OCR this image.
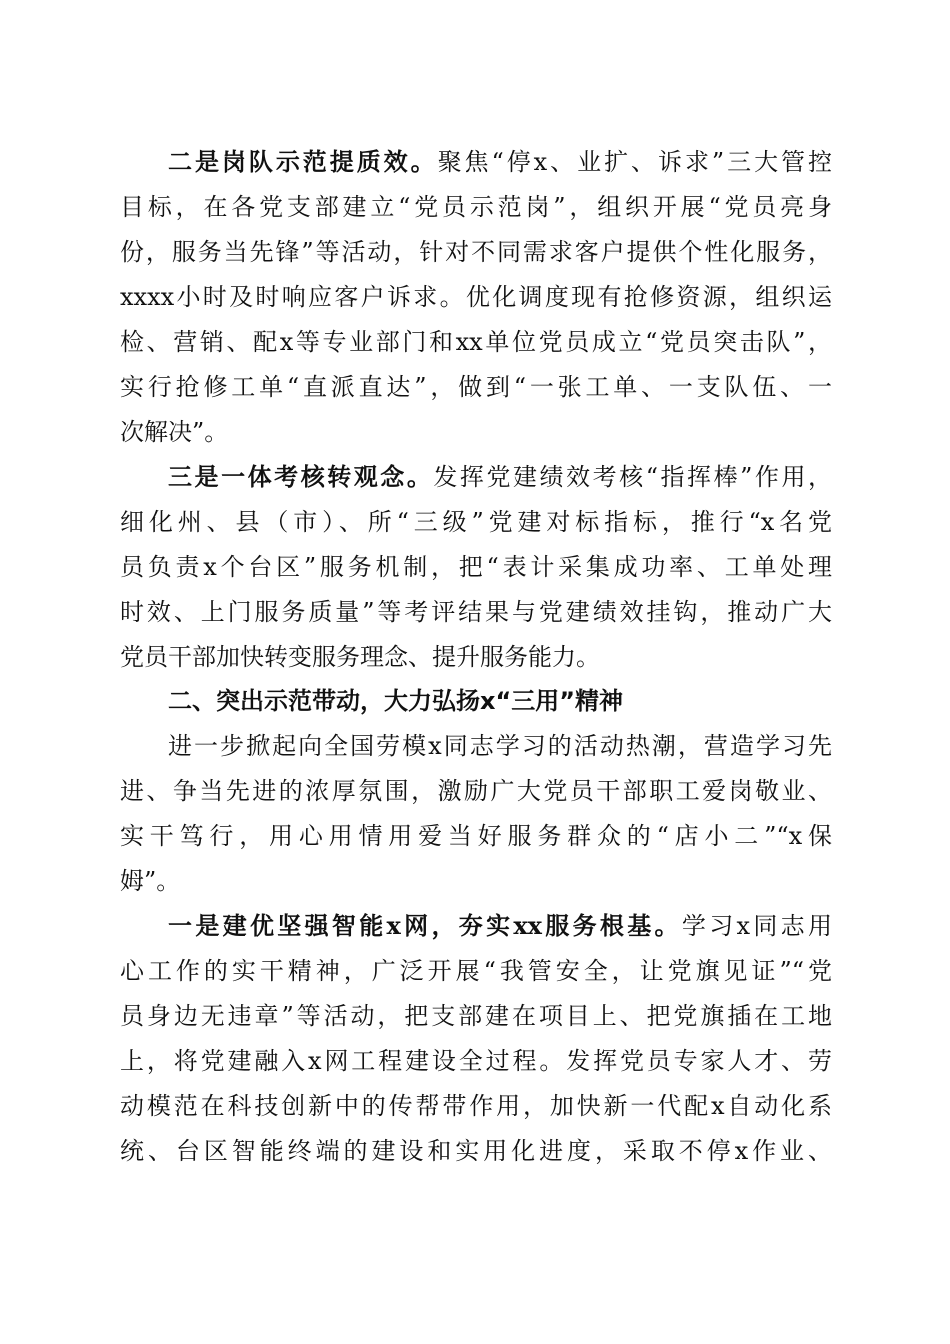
二是岗队示范提质效。聚焦“停x、业扩、诉求”三大管控
目标，在各党支部建立“党员示范岗”，组织开展“党员亮身
份，服务当先锋”等活动，针对不同需求客户提供个性化服务，
xxxx小时及时响应客户诉求。优化调度现有抢修资源，组织运
检、营销、配x等专业部门和xx单位党员成立“党员突击队”，
实行抢修工单“直派直达”，做到“一张工单、一支队伍、一
次解决”。
三是一体考核转观念。发挥党建绩效考核“指挥棒”作用，
细化州、县（市）、所“三级”党建对标指标，推行“x名党
员负责x个台区”服务机制，把“表计采集成功率、工单处理
时效、上门服务质量”等考评结果与党建绩效挂钩，推动广大
党员干部加快转变服务理念、提升服务能力。
二、突出示范带动，大力弘扬x“三用”精神
进一步掀起向全国劳模x同志学习的活动热潮，营造学习先
进、争当先进的浓厚氛围，激励广大党员干部职工爱岗敬业、
实干笃行，用心用情用爱当好服务群众的“店小二”“x保
姆”。
一是建优坚强智能x网，夯实xx服务根基。学习x同志用
心工作的实干精神，广泛开展“我管安全，让党旗见证”“党
员身边无违章”等活动，把支部建在项目上、把党旗插在工地
上，将党建融入x网工程建设全过程。发挥党员专家人才、劳
动模范在科技创新中的传帮带作用，加快新一代配x自动化系
统、台区智能终端的建设和实用化进度，采取不停x作业、
